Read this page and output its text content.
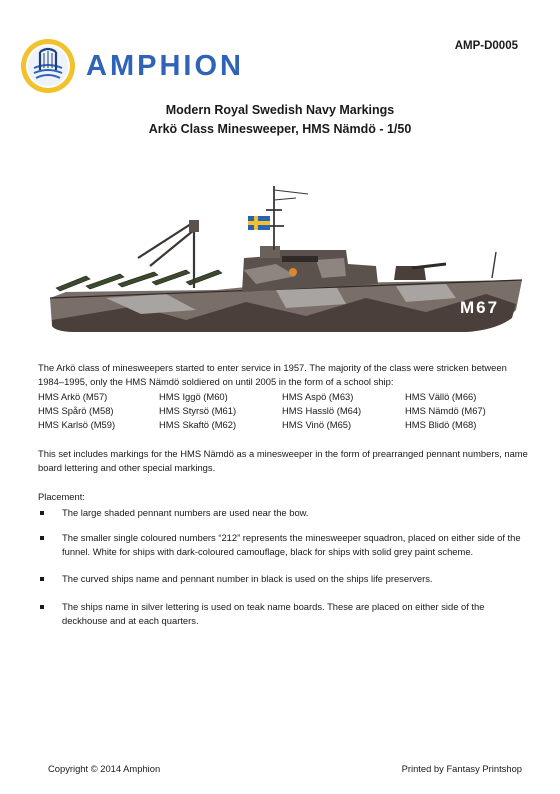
AMPHION
AMP-D0005
Modern Royal Swedish Navy Markings
Arkö Class Minesweeper, HMS Nämdö - 1/50
M67
The Arkö class of minesweepers started to enter service in 1957. The majority of the class were stricken between 1984–1995, only the HMS Nämdö soldiered on until 2005 in the form of a school ship:
HMS Arkö (M57)	HMS Iggö (M60)	HMS Aspö (M63)	HMS Vällö (M66)
HMS Spårö (M58)	HMS Styrsö (M61)	HMS Hasslö (M64)	HMS Nämdö (M67)
HMS Karlsö (M59)	HMS Skaftö (M62)	HMS Vinö (M65)	HMS Blidö (M68)
This set includes markings for the HMS Nämdö as a minesweeper in the form of prearranged pennant numbers, name board lettering and other special markings.
Placement:
The large shaded pennant numbers are used near the bow.
The smaller single coloured numbers “212” represents the minesweeper squadron, placed on either side of the funnel. White for ships with dark-coloured camouflage, black for ships with solid grey paint scheme.
The curved ships name and pennant number in black is used on the ships life preservers.
The ships name in silver lettering is used on teak name boards. These are placed on either side of the deckhouse and at each quarters.
Copyright © 2014 Amphion	Printed by Fantasy Printshop
